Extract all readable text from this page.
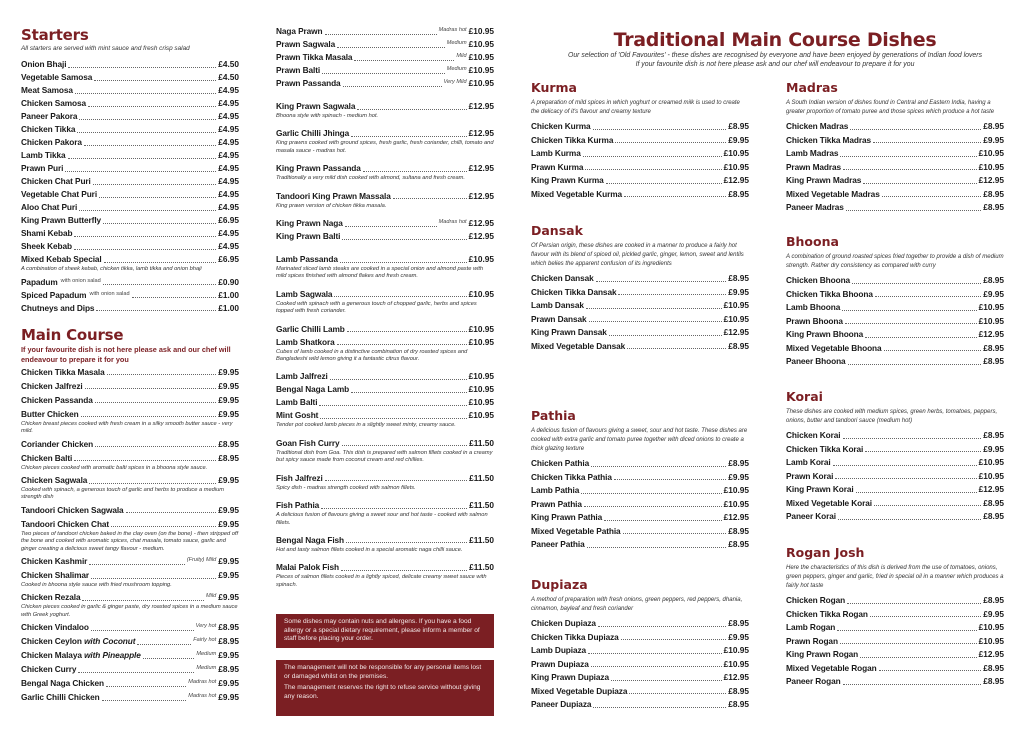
Starters
All starters are served with mint sauce and fresh crisp salad
Onion Bhaji	£4.50
Vegetable Samosa	£4.50
Meat Samosa	£4.95
Chicken Samosa	£4.95
Paneer Pakora	£4.95
Chicken Tikka	£4.95
Chicken Pakora	£4.95
Lamb Tikka	£4.95
Prawn Puri	£4.95
Chicken Chat Puri	£4.95
Vegetable Chat Puri	£4.95
Aloo Chat Puri	£4.95
King Prawn Butterfly	£6.95
Shami Kebab	£4.95
Sheek Kebab	£4.95
Mixed Kebab Special	£6.95
A combination of sheek kebab, chicken tikka, lamb tikka and onion bhaji
Papadum with onion salad	£0.90
Spiced Papadum with onion salad	£1.00
Chutneys and Dips	£1.00
Main Course
If your favourite dish is not here please ask and our chef will endeavour to prepare it for you
Chicken Tikka Masala	£9.95
Chicken Jalfrezi	£9.95
Chicken Passanda	£9.95
Butter Chicken	£9.95
Chicken breast pieces cooked with fresh cream in a silky smooth butter sauce - very mild.
Coriander Chicken	£8.95
Chicken Balti	£8.95
Chicken pieces cooked with aromatic balti spices in a bhoona style sauce.
Chicken Sagwala	£9.95
Cooked with spinach, a generous touch of garlic and herbs to produce a medium strength dish
Tandoori Chicken Sagwala	£9.95
Tandoori Chicken Chat	£9.95
Two pieces of tandoori chicken baked in the clay oven (on the bone) - then stripped off the bone and cooked with aromatic spices, chat masala, tomato sauce, garlic and ginger creating a delicious sweet tangy flavour - medium.
Chicken Kashmir	(Fruity) Mild £9.95
Chicken Shalimar	£9.95
Cooked in bhoona style sauce with fried mushroom topping.
Chicken Rezala	Mild £9.95
Chicken pieces cooked in garlic & ginger paste, dry roasted spices in a medium sauce with Greek yoghurt.
Chicken Vindaloo	Very hot £8.95
Chicken Ceylon with Coconut	Fairly hot £8.95
Chicken Malaya with Pineapple	Medium £9.95
Chicken Curry	Medium £8.95
Bengal Naga Chicken	Madras hot £9.95
Garlic Chilli Chicken	Madras hot £9.95
Naga Prawn	Madras hot £10.95
Prawn Sagwala	Medium £10.95
Prawn Tikka Masala	Mild £10.95
Prawn Balti	Medium £10.95
Prawn Passanda	Very Mild £10.95
King Prawn Sagwala	£12.95
Bhoona style with spinach - medium hot.
Garlic Chilli Jhinga	£12.95
King prawns cooked with ground spices, fresh garlic, fresh coriander, chilli, tomato and masala sauce - madras hot.
King Prawn Passanda	£12.95
Traditionally a very mild dish cooked with almond, sultana and fresh cream.
Tandoori King Prawn Massala	£12.95
King prawn version of chicken tikka masala.
King Prawn Naga	Madras hot £12.95
King Prawn Balti	£12.95
Lamb Passanda	£10.95
Marinated sliced lamb steaks are cooked in a special onion and almond paste with mild spices finished with almond flakes and fresh cream.
Lamb Sagwala	£10.95
Cooked with spinach with a generous touch of chopped garlic, herbs and spices topped with fresh coriander.
Garlic Chilli Lamb	£10.95
Lamb Shatkora	£10.95
Cubes of lamb cooked in a distinctive combination of dry roasted spices and Bangladeshi wild lemon giving it a fantastic citrus flavour.
Lamb Jalfrezi	£10.95
Bengal Naga Lamb	£10.95
Lamb Balti	£10.95
Mint Gosht	£10.95
Tender pot cooked lamb pieces in a slightly sweet minty, creamy sauce.
Goan Fish Curry	£11.50
Traditional dish from Goa. This dish is prepared with salmon fillets cooked in a creamy but spicy sauce made from coconut cream and red chillies.
Fish Jalfrezi	£11.50
Spicy dish - madras strength cooked with salmon fillets.
Fish Pathia	£11.50
A delicious fusion of flavours giving a sweet sour and hot taste - cooked with salmon fillets.
Bengal Naga Fish	£11.50
Hot and tasty salmon fillets cooked in a special aromatic naga chilli sauce.
Malai Palok Fish	£11.50
Pieces of salmon fillets cooked in a lightly spiced, delicate creamy sweet sauce with spinach.
Some dishes may contain nuts and allergens. If you have a food allergy or a special dietary requirement, please inform a member of staff before placing your order.
The management will not be responsible for any personal items lost or damaged whilst on the premises.
The management reserves the right to refuse service without giving any reason.
Traditional Main Course Dishes

Our selection of 'Old Favourites' - these dishes are recognised by everyone and have been enjoyed by generations of Indian food lovers

If your favourite dish is not here please ask and our chef will endeavour to prepare it for you

Kurma
A preparation of mild spices in which yoghurt or creamed milk is used to create the delicacy of it's flavour and creamy texture
Chicken Kurma	£8.95
Chicken Tikka Kurma	£9.95
Lamb Kurma	£10.95
Prawn Kurma	£10.95
King Prawn Kurma	£12.95
Mixed Vegetable Kurma	£8.95
Dansak
Of Persian origin, these dishes are cooked in a manner to produce a fairly hot flavour with its blend of spiced oil, pickled garlic, ginger, lemon, sweet and lentils which belies the apparent confusion of its ingredients
Chicken Dansak	£8.95
Chicken Tikka Dansak	£9.95
Lamb Dansak	£10.95
Prawn Dansak	£10.95
King Prawn Dansak	£12.95
Mixed Vegetable Dansak	£8.95
Pathia
A delicious fusion of flavours giving a sweet, sour and hot taste. These dishes are cooked with extra garlic and tomato puree together with diced onions to create a thick glazing texture
Chicken Pathia	£8.95
Chicken Tikka Pathia	£9.95
Lamb Pathia	£10.95
Prawn Pathia	£10.95
King Prawn Pathia	£12.95
Mixed Vegetable Pathia	£8.95
Paneer Pathia	£8.95
Dupiaza
A method of preparation with fresh onions, green peppers, red peppers, dhania, cinnamon, bayleaf and fresh coriander
Chicken Dupiaza	£8.95
Chicken Tikka Dupiaza	£9.95
Lamb Dupiaza	£10.95
Prawn Dupiaza	£10.95
King Prawn Dupiaza	£12.95
Mixed Vegetable Dupiaza	£8.95
Paneer Dupiaza	£8.95
Madras
A South Indian version of dishes found in Central and Eastern India, having a greater proportion of tomato puree and those spices which produce a hot taste
Chicken Madras	£8.95
Chicken Tikka Madras	£9.95
Lamb Madras	£10.95
Prawn Madras	£10.95
King Prawn Madras	£12.95
Mixed Vegetable Madras	£8.95
Paneer Madras	£8.95
Bhoona
A combination of ground roasted spices fried together to provide a dish of medium strength. Rather dry consistency as compared with curry
Chicken Bhoona	£8.95
Chicken Tikka Bhoona	£9.95
Lamb Bhoona	£10.95
Prawn Bhoona	£10.95
King Prawn Bhoona	£12.95
Mixed Vegetable Bhoona	£8.95
Paneer Bhoona	£8.95
Korai
These dishes are cooked with medium spices, green herbs, tomatoes, peppers, onions, butter and tandoori sauce (medium hot)
Chicken Korai	£8.95
Chicken Tikka Korai	£9.95
Lamb Korai	£10.95
Prawn Korai	£10.95
King Prawn Korai	£12.95
Mixed Vegetable Korai	£8.95
Paneer Korai	£8.95
Rogan Josh
Here the characteristics of this dish is derived from the use of tomatoes, onions, green peppers, ginger and garlic, fried in special oil in a manner which produces a fairly hot taste
Chicken Rogan	£8.95
Chicken Tikka Rogan	£9.95
Lamb Rogan	£10.95
Prawn Rogan	£10.95
King Prawn Rogan	£12.95
Mixed Vegetable Rogan	£8.95
Paneer Rogan	£8.95
